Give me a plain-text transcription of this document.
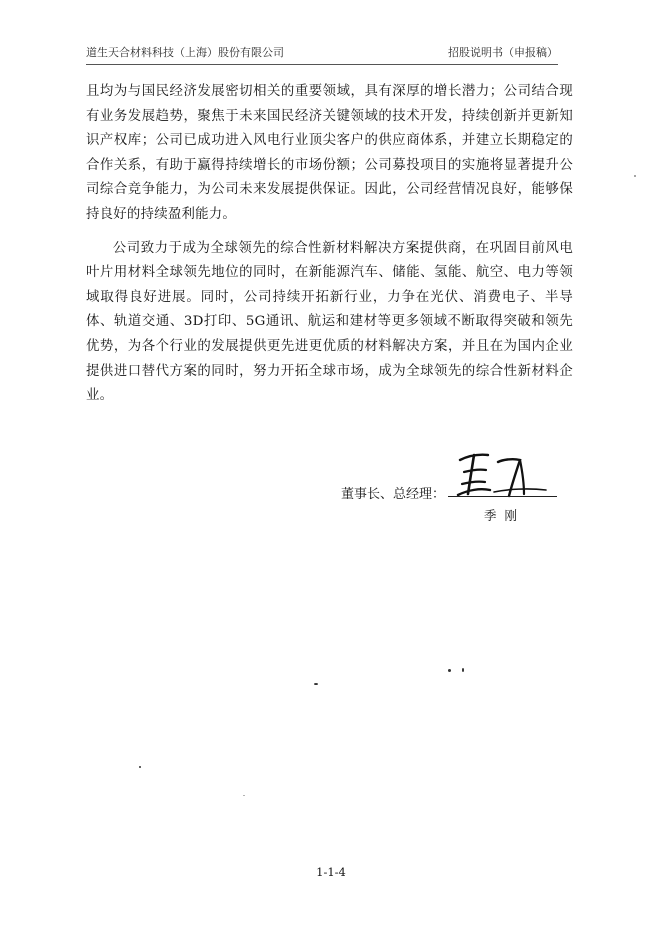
道生天合材料科技（上海）股份有限公司	招股说明书（申报稿）

且均为与国民经济发展密切相关的重要领域，具有深厚的增长潜力；公司结合现有业务发展趋势，聚焦于未来国民经济关键领域的技术开发，持续创新并更新知识产权库；公司已成功进入风电行业顶尖客户的供应商体系，并建立长期稳定的合作关系，有助于赢得持续增长的市场份额；公司募投项目的实施将显著提升公司综合竞争能力，为公司未来发展提供保证。因此，公司经营情况良好，能够保持良好的持续盈利能力。

公司致力于成为全球领先的综合性新材料解决方案提供商，在巩固目前风电叶片用材料全球领先地位的同时，在新能源汽车、储能、氢能、航空、电力等领域取得良好进展。同时，公司持续开拓新行业，力争在光伏、消费电子、半导体、轨道交通、3D打印、5G通讯、航运和建材等更多领域不断取得突破和领先优势，为各个行业的发展提供更先进更优质的材料解决方案，并且在为国内企业提供进口替代方案的同时，努力开拓全球市场，成为全球领先的综合性新材料企业。

董事长、总经理：
季刚
1-1-4
